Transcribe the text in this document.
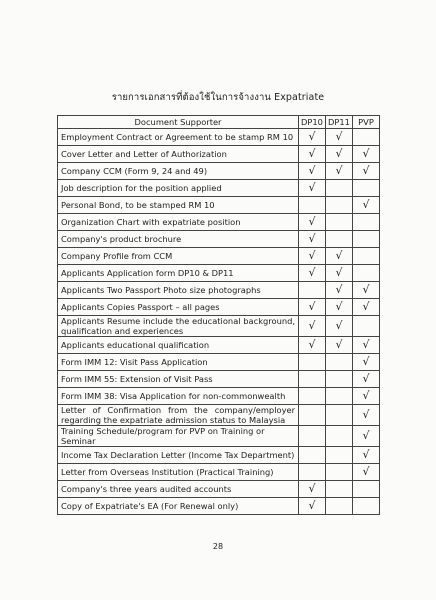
รายการเอกสารที่ต้องใช้ในการจ้างงาน Expatriate
Document Supporter	DP10	DP11	PVP
Employment Contract or Agreement to be stamp RM 10	√	√	
Cover Letter and Letter of Authorization	√	√	√
Company CCM (Form 9, 24 and 49)	√	√	√
Job description for the position applied	√		
Personal Bond, to be stamped RM 10			√
Organization Chart with expatriate position	√		
Company's product brochure	√		
Company Profile from CCM	√	√	
Applicants Application form DP10 & DP11	√	√	
Applicants Two Passport Photo size photographs		√	√
Applicants Copies Passport – all pages	√	√	√
Applicants Resume include the educational background, qualification and experiences	√	√	
Applicants educational qualification	√	√	√
Form IMM 12: Visit Pass Application			√
Form IMM 55: Extension of Visit Pass			√
Form IMM 38: Visa Application for non-commonwealth			√
Letter of Confirmation from the company/employer regarding the expatriate admission status to Malaysia			√
Training Schedule/program for PVP on Training or Seminar			√
Income Tax Declaration Letter (Income Tax Department)			√
Letter from Overseas Institution (Practical Training)			√
Company's three years audited accounts	√		
Copy of Expatriate's EA (For Renewal only)	√		
28
